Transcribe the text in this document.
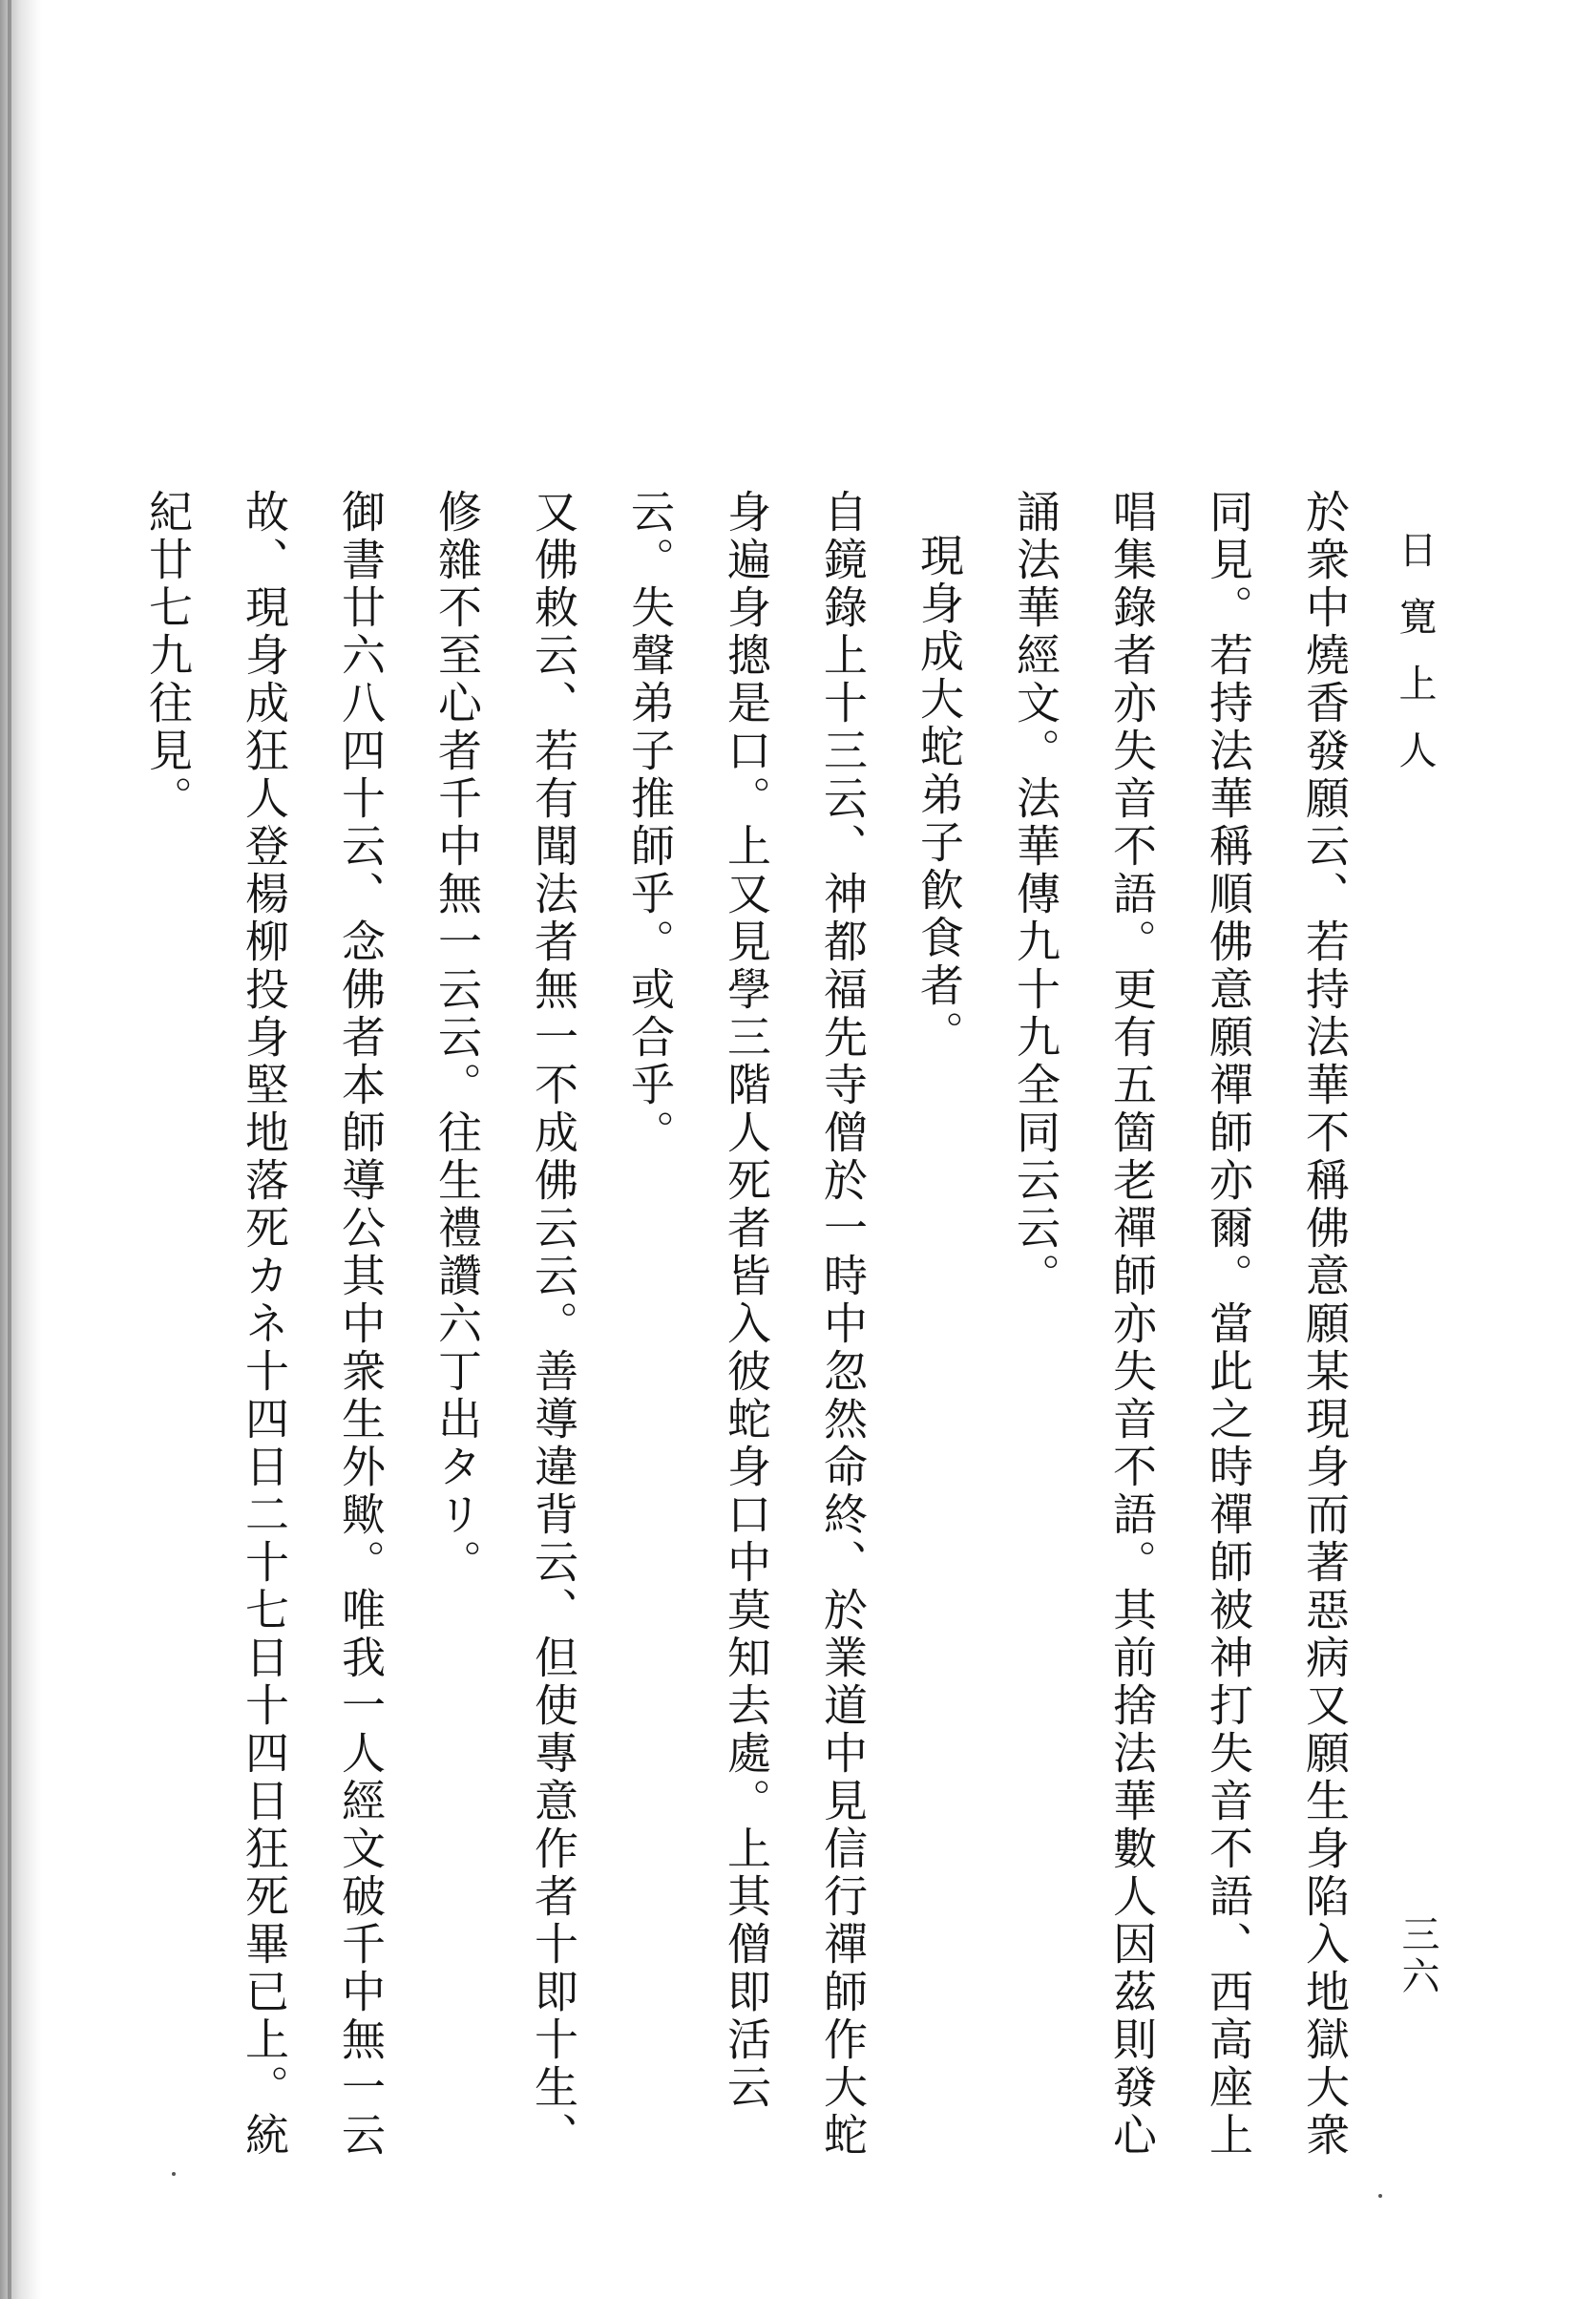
日寛上人
三六

於衆中燒香發願云、若持法華不稱佛意願某現身而著惡病又願生身陷入地獄大衆同見。若持法華稱順佛意願禪師亦爾。當此之時禪師被神打失音不語、西高座上唱集錄者亦失音不語。更有五箇老禪師亦失音不語。其前捨法華數人因茲則發心誦法華經文。法華傳九十九全同云云。

現身成大蛇弟子飮食者。

自鏡錄上十三云、神都福先寺僧於一時中忽然命終、於業道中見信行禪師作大蛇身遍身摠是口。上又見學三階人死者皆入彼蛇身口中莫知去處。上其僧即活云云。失聲弟子推師乎。或合乎。

又佛敕云、若有聞法者無一不成佛云云。善導違背云、但使專意作者十即十生、修雜不至心者千中無一云云。往生禮讚六丁出タリ。

御書廿六八四十云、念佛者本師導公其中衆生外歟。唯我一人經文破千中無一云故、現身成狂人登楊柳投身堅地落死カネ十四日二十七日十四日狂死畢已上。統紀廿七九往見。
